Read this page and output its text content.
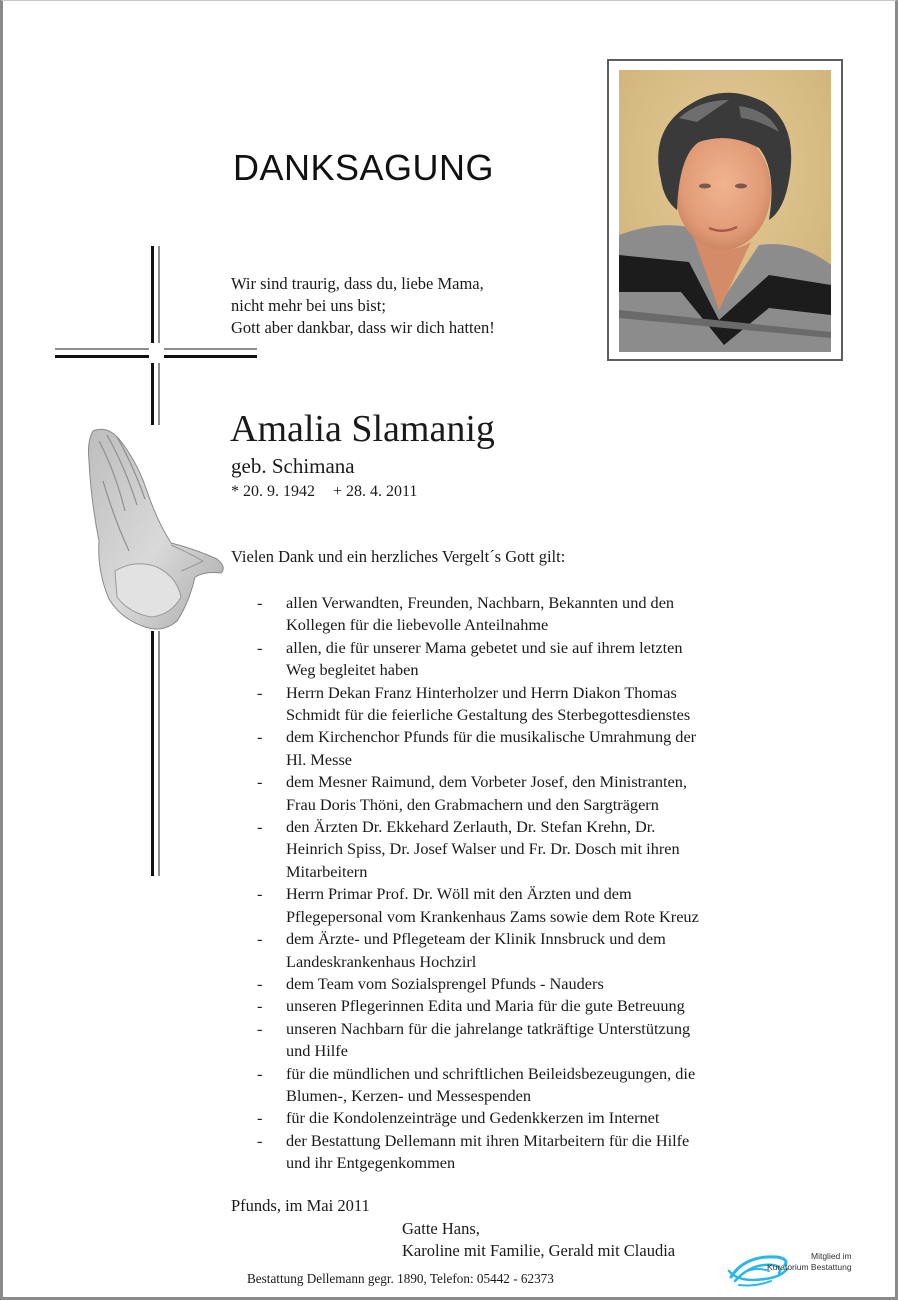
DANKSAGUNG
Wir sind traurig, dass du, liebe Mama,
nicht mehr bei uns bist;
Gott aber dankbar, dass wir dich hatten!
Amalia Slamanig
geb. Schimana
* 20. 9. 1942 + 28. 4. 2011
Vielen Dank und ein herzliches Vergelt´s Gott gilt:
- allen Verwandten, Freunden, Nachbarn, Bekannten und den
Kollegen für die liebevolle Anteilnahme
- allen, die für unserer Mama gebetet und sie auf ihrem letzten
Weg begleitet haben
- Herrn Dekan Franz Hinterholzer und Herrn Diakon Thomas
Schmidt für die feierliche Gestaltung des Sterbegottesdienstes
- dem Kirchenchor Pfunds für die musikalische Umrahmung der
Hl. Messe
- dem Mesner Raimund, dem Vorbeter Josef, den Ministranten,
Frau Doris Thöni, den Grabmachern und den Sargträgern
- den Ärzten Dr. Ekkehard Zerlauth, Dr. Stefan Krehn, Dr.
Heinrich Spiss, Dr. Josef Walser und Fr. Dr. Dosch mit ihren
Mitarbeitern
- Herrn Primar Prof. Dr. Wöll mit den Ärzten und dem
Pflegepersonal vom Krankenhaus Zams sowie dem Rote Kreuz
- dem Ärzte- und Pflegeteam der Klinik Innsbruck und dem
Landeskrankenhaus Hochzirl
- dem Team vom Sozialsprengel Pfunds - Nauders
- unseren Pflegerinnen Edita und Maria für die gute Betreuung
- unseren Nachbarn für die jahrelange tatkräftige Unterstützung
und Hilfe
- für die mündlichen und schriftlichen Beileidsbezeugungen, die
Blumen-, Kerzen- und Messespenden
- für die Kondolenzeinträge und Gedenkkerzen im Internet
- der Bestattung Dellemann mit ihren Mitarbeitern für die Hilfe
und ihr Entgegenkommen
Pfunds, im Mai 2011
Gatte Hans,
Karoline mit Familie, Gerald mit Claudia
Bestattung Dellemann gegr. 1890, Telefon: 05442 - 62373
Mitglied im
Kuratorium Bestattung
